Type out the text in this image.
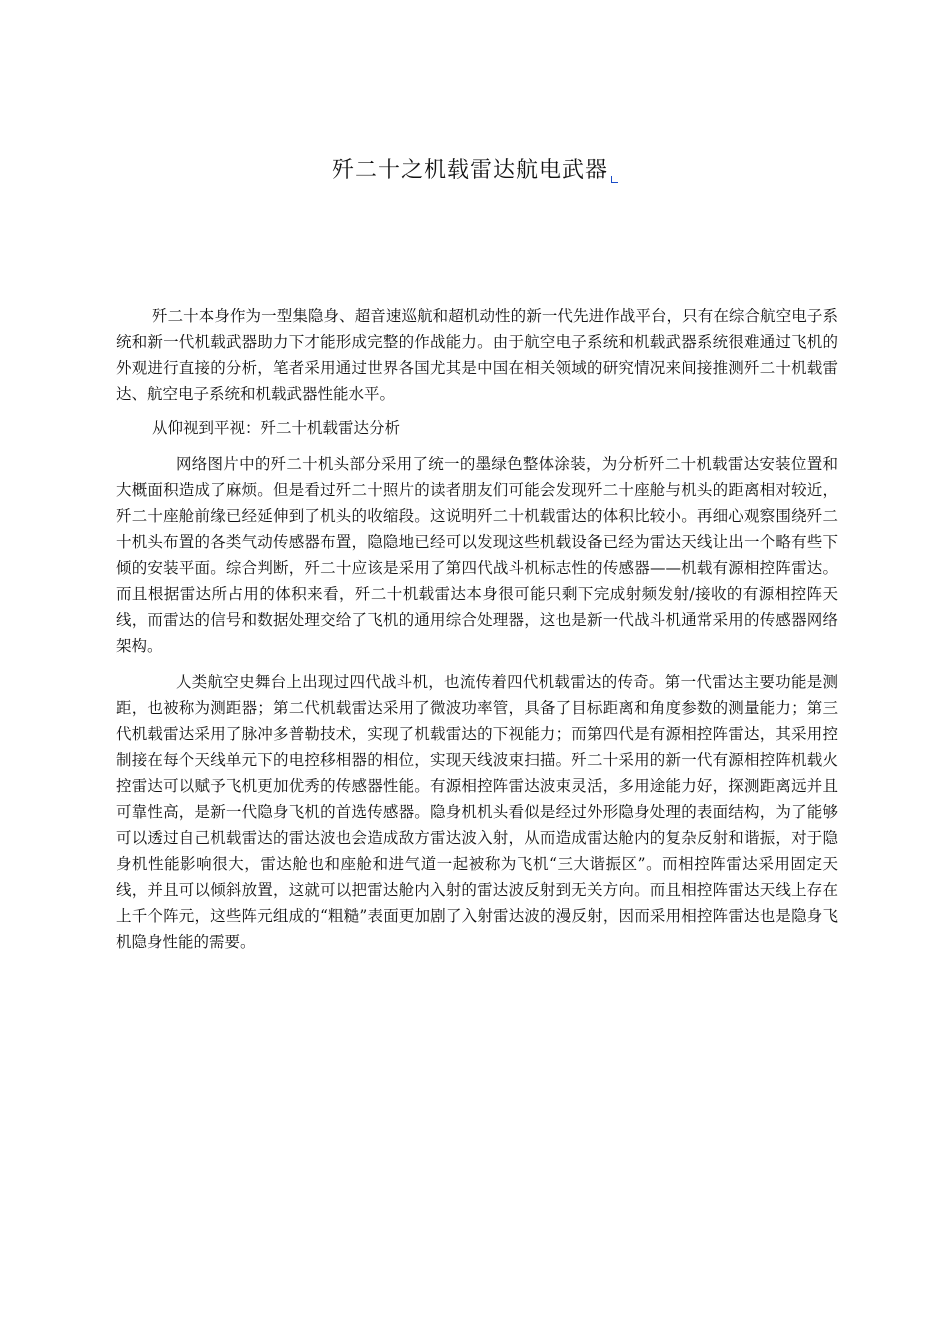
歼二十之机载雷达航电武器

歼二十本身作为一型集隐身、超音速巡航和超机动性的新一代先进作战平台，只有在综合航空电子系统和新一代机载武器助力下才能形成完整的作战能力。由于航空电子系统和机载武器系统很难通过飞机的外观进行直接的分析，笔者采用通过世界各国尤其是中国在相关领域的研究情况来间接推测歼二十机载雷达、航空电子系统和机载武器性能水平。

从仰视到平视：歼二十机载雷达分析

网络图片中的歼二十机头部分采用了统一的墨绿色整体涂装，为分析歼二十机载雷达安装位置和大概面积造成了麻烦。但是看过歼二十照片的读者朋友们可能会发现歼二十座舱与机头的距离相对较近，歼二十座舱前缘已经延伸到了机头的收缩段。这说明歼二十机载雷达的体积比较小。再细心观察围绕歼二十机头布置的各类气动传感器布置，隐隐地已经可以发现这些机载设备已经为雷达天线让出一个略有些下倾的安装平面。综合判断，歼二十应该是采用了第四代战斗机标志性的传感器——机载有源相控阵雷达。而且根据雷达所占用的体积来看，歼二十机载雷达本身很可能只剩下完成射频发射/接收的有源相控阵天线，而雷达的信号和数据处理交给了飞机的通用综合处理器，这也是新一代战斗机通常采用的传感器网络架构。

人类航空史舞台上出现过四代战斗机，也流传着四代机载雷达的传奇。第一代雷达主要功能是测距，也被称为测距器；第二代机载雷达采用了微波功率管，具备了目标距离和角度参数的测量能力；第三代机载雷达采用了脉冲多普勒技术，实现了机载雷达的下视能力；而第四代是有源相控阵雷达，其采用控制接在每个天线单元下的电控移相器的相位，实现天线波束扫描。歼二十采用的新一代有源相控阵机载火控雷达可以赋予飞机更加优秀的传感器性能。有源相控阵雷达波束灵活，多用途能力好，探测距离远并且可靠性高，是新一代隐身飞机的首选传感器。隐身机机头看似是经过外形隐身处理的表面结构，为了能够可以透过自己机载雷达的雷达波也会造成敌方雷达波入射，从而造成雷达舱内的复杂反射和谐振，对于隐身机性能影响很大，雷达舱也和座舱和进气道一起被称为飞机“三大谐振区”。而相控阵雷达采用固定天线，并且可以倾斜放置，这就可以把雷达舱内入射的雷达波反射到无关方向。而且相控阵雷达天线上存在上千个阵元，这些阵元组成的“粗糙”表面更加剧了入射雷达波的漫反射，因而采用相控阵雷达也是隐身飞机隐身性能的需要。
